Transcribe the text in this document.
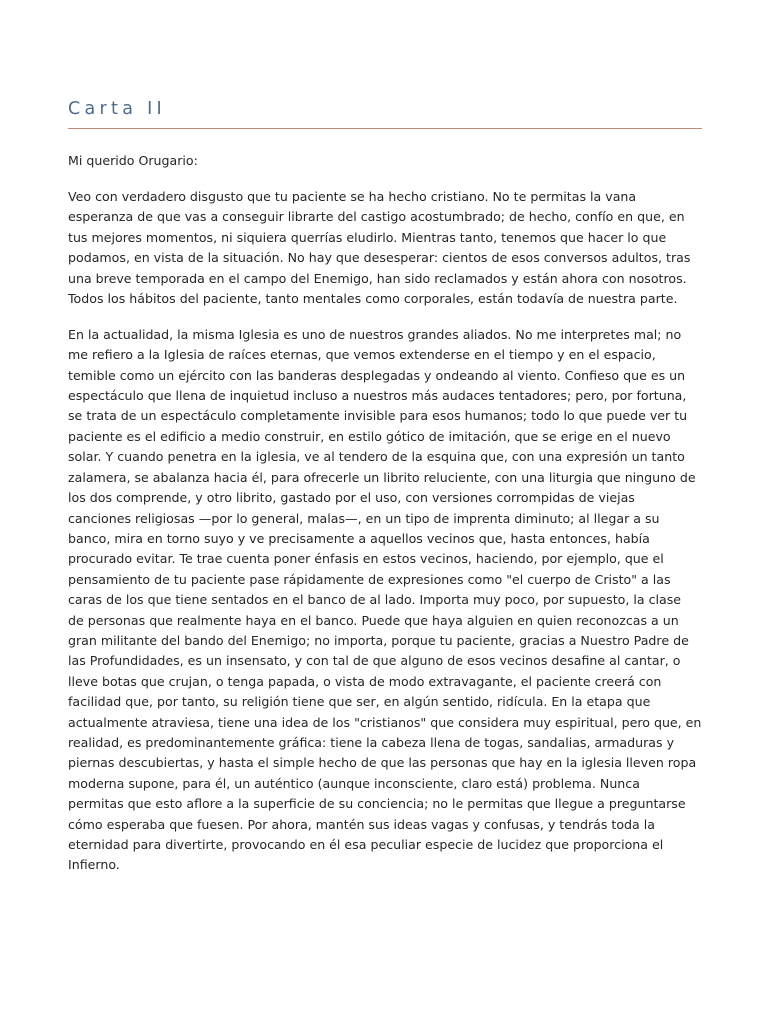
Carta II

Mi querido Orugario:

Veo con verdadero disgusto que tu paciente se ha hecho cristiano. No te permitas la vana
esperanza de que vas a conseguir librarte del castigo acostumbrado; de hecho, confío en que, en
tus mejores momentos, ni siquiera querrías eludirlo. Mientras tanto, tenemos que hacer lo que
podamos, en vista de la situación. No hay que desesperar: cientos de esos conversos adultos, tras
una breve temporada en el campo del Enemigo, han sido reclamados y están ahora con nosotros.
Todos los hábitos del paciente, tanto mentales como corporales, están todavía de nuestra parte.

En la actualidad, la misma Iglesia es uno de nuestros grandes aliados. No me interpretes mal; no
me refiero a la Iglesia de raíces eternas, que vemos extenderse en el tiempo y en el espacio,
temible como un ejército con las banderas desplegadas y ondeando al viento. Confieso que es un
espectáculo que llena de inquietud incluso a nuestros más audaces tentadores; pero, por fortuna,
se trata de un espectáculo completamente invisible para esos humanos; todo lo que puede ver tu
paciente es el edificio a medio construir, en estilo gótico de imitación, que se erige en el nuevo
solar. Y cuando penetra en la iglesia, ve al tendero de la esquina que, con una expresión un tanto
zalamera, se abalanza hacia él, para ofrecerle un librito reluciente, con una liturgia que ninguno de
los dos comprende, y otro librito, gastado por el uso, con versiones corrompidas de viejas
canciones religiosas —por lo general, malas—, en un tipo de imprenta diminuto; al llegar a su
banco, mira en torno suyo y ve precisamente a aquellos vecinos que, hasta entonces, había
procurado evitar. Te trae cuenta poner énfasis en estos vecinos, haciendo, por ejemplo, que el
pensamiento de tu paciente pase rápidamente de expresiones como "el cuerpo de Cristo" a las
caras de los que tiene sentados en el banco de al lado. Importa muy poco, por supuesto, la clase
de personas que realmente haya en el banco. Puede que haya alguien en quien reconozcas a un
gran militante del bando del Enemigo; no importa, porque tu paciente, gracias a Nuestro Padre de
las Profundidades, es un insensato, y con tal de que alguno de esos vecinos desafine al cantar, o
lleve botas que crujan, o tenga papada, o vista de modo extravagante, el paciente creerá con
facilidad que, por tanto, su religión tiene que ser, en algún sentido, ridícula. En la etapa que
actualmente atraviesa, tiene una idea de los "cristianos" que considera muy espiritual, pero que, en
realidad, es predominantemente gráfica: tiene la cabeza llena de togas, sandalias, armaduras y
piernas descubiertas, y hasta el simple hecho de que las personas que hay en la iglesia lleven ropa
moderna supone, para él, un auténtico (aunque inconsciente, claro está) problema. Nunca
permitas que esto aflore a la superficie de su conciencia; no le permitas que llegue a preguntarse
cómo esperaba que fuesen. Por ahora, mantén sus ideas vagas y confusas, y tendrás toda la
eternidad para divertirte, provocando en él esa peculiar especie de lucidez que proporciona el
Infierno.
